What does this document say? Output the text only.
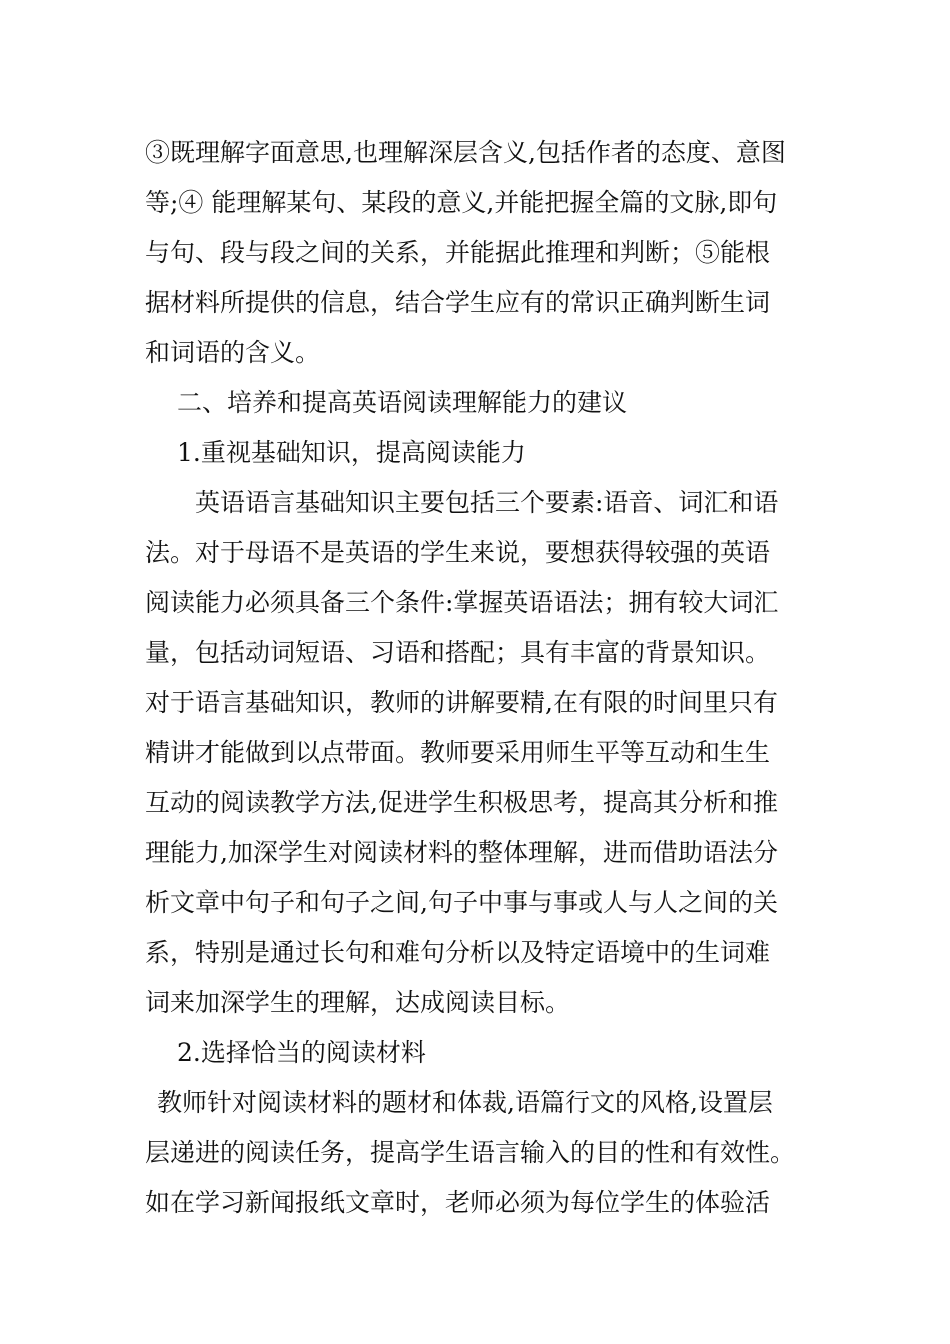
③既理解字面意思,也理解深层含义,包括作者的态度、意图
等;④ 能理解某句、某段的意义,并能把握全篇的文脉,即句
与句、段与段之间的关系，并能据此推理和判断；⑤能根
据材料所提供的信息，结合学生应有的常识正确判断生词
和词语的含义。
二、培养和提高英语阅读理解能力的建议
1.重视基础知识，提高阅读能力
英语语言基础知识主要包括三个要素:语音、词汇和语
法。对于母语不是英语的学生来说，要想获得较强的英语
阅读能力必须具备三个条件:掌握英语语法；拥有较大词汇
量，包括动词短语、习语和搭配；具有丰富的背景知识。
对于语言基础知识，教师的讲解要精,在有限的时间里只有
精讲才能做到以点带面。教师要采用师生平等互动和生生
互动的阅读教学方法,促进学生积极思考，提高其分析和推
理能力,加深学生对阅读材料的整体理解，进而借助语法分
析文章中句子和句子之间,句子中事与事或人与人之间的关
系，特别是通过长句和难句分析以及特定语境中的生词难
词来加深学生的理解，达成阅读目标。
2.选择恰当的阅读材料
教师针对阅读材料的题材和体裁,语篇行文的风格,设置层
层递进的阅读任务，提高学生语言输入的目的性和有效性。
如在学习新闻报纸文章时，老师必须为每位学生的体验活
